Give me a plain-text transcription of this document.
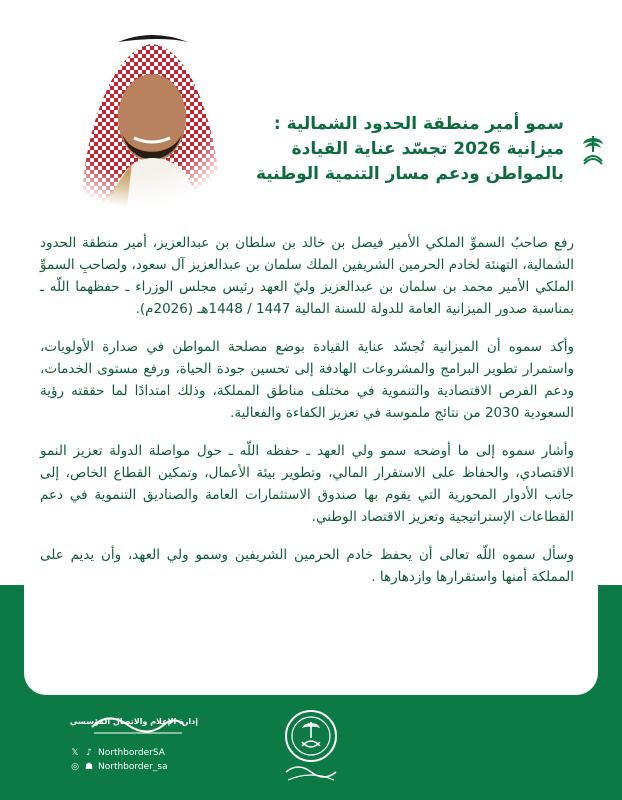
سمو أمير منطقة الحدود الشمالية :
ميزانية 2026 تجسّد عناية القيادة
بالمواطن ودعم مسار التنمية الوطنية

رفع صاحبُ السموِّ الملكي الأمير فيصل بن خالد بن سلطان بن عبدالعزيز، أمير منطقة الحدود الشمالية، التهنئة لخادم الحرمين الشريفين الملك سلمان بن عبدالعزيز آل سعود، ولصاحبِ السموِّ الملكي الأمير محمد بن سلمان بن عبدالعزيز وليّ العهد رئيس مجلس الوزراء ـ حفظهما اللّه ـ بمناسبة صدور الميزانية العامة للدولة للسنة المالية 1447 / 1448هـ (2026م).

وأكد سموه أن الميزانية تُجسّد عناية القيادة بوضع مصلحة المواطن في صدارة الأولويات، واستمرار تطوير البرامج والمشروعات الهادفة إلى تحسين جودة الحياة، ورفع مستوى الخدمات، ودعم الفرص الاقتصادية والتنموية في مختلف مناطق المملكة، وذلك امتدادًا لما حققته رؤية السعودية 2030 من نتائج ملموسة في تعزيز الكفاءة والفعالية.

وأشار سموه إلى ما أوضحه سمو ولي العهد ـ حفظه اللّه ـ حول مواصلة الدولة تعزيز النمو الاقتصادي، والحفاظ على الاستقرار المالي، وتطوير بيئة الأعمال، وتمكين القطاع الخاص، إلى جانب الأدوار المحورية التي يقوم بها صندوق الاستثمارات العامة والصناديق التنموية في دعم القطاعات الإستراتيجية وتعزيز الاقتصاد الوطني.

وسأل سموه اللّه تعالى أن يحفظ خادم الحرمين الشريفين وسمو ولي العهد، وأن يديم على المملكة أمنها واستقرارها وازدهارها .

إدارة الإعلام والاتصال المؤسسي
𝕏 ♪ NorthborderSA
◎ ☗ Northborder_sa
